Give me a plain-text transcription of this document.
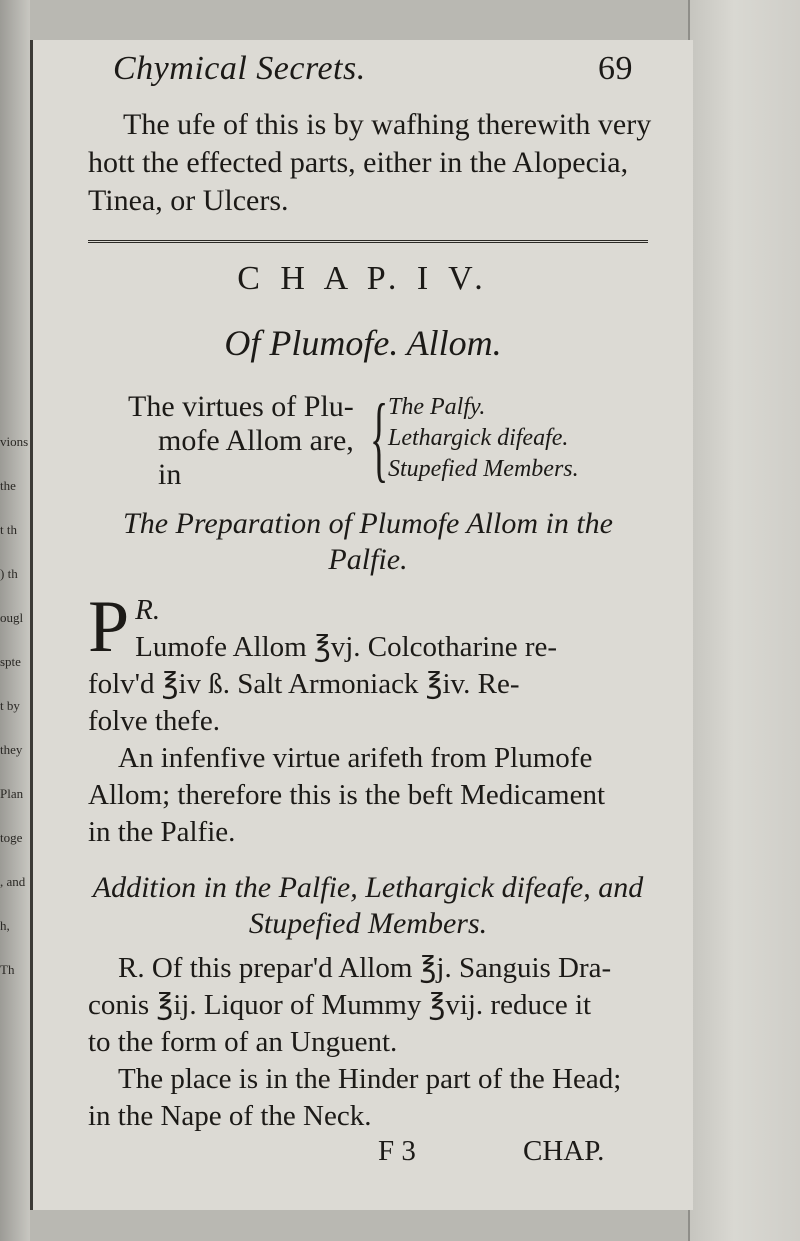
vions
the
t th
) th
ougl
spte
t by
they
Plan
toge
, and
h,
Th
Chymical Secrets.	69
The ufe of this is by wafhing therewith very
hott the effected parts, either in the Alopecia,
Tinea, or Ulcers.
C H A P. I V.
Of Plumofe. Allom.
The virtues of Plu-
mofe Allom are,
in	{ The Palfy.
Lethargick difeafe.
Stupefied Members.
The Preparation of Plumofe Allom in the
Palfie.
R.
P Lumofe Allom ℥vj. Colcotharine re-
folv'd ℥iv ß. Salt Armoniack ℥iv. Re-
folve thefe.
An infenfive virtue arifeth from Plumofe
Allom; therefore this is the beft Medicament
in the Palfie.
Addition in the Palfie, Lethargick difeafe, and
Stupefied Members.
R. Of this prepar'd Allom ℥j. Sanguis Dra-
conis ℥ij. Liquor of Mummy ℥vij. reduce it
to the form of an Unguent.
The place is in the Hinder part of the Head;
in the Nape of the Neck.
F 3	CHAP.
